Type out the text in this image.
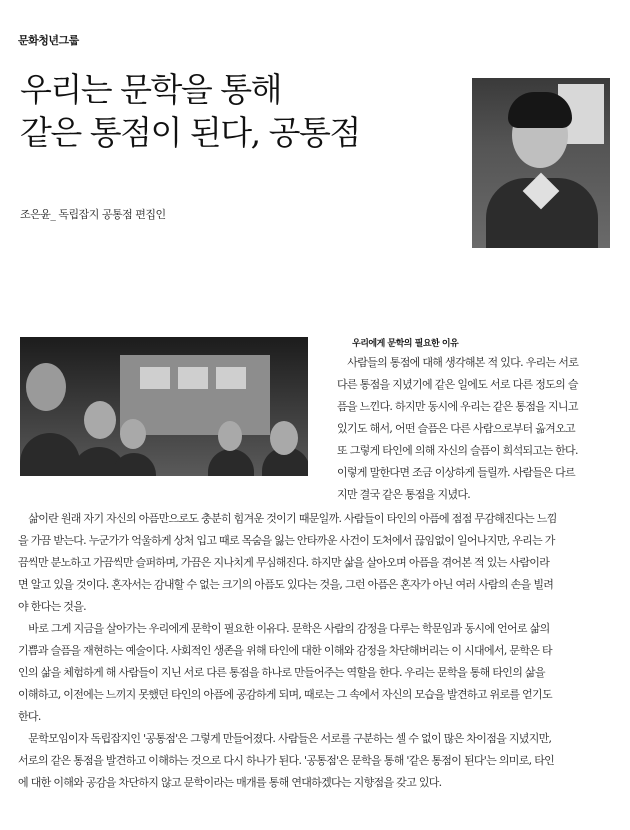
문화청년그룹
우리는 문학을 통해
같은 통점이 된다, 공통점
조은윤_ 독립잡지 공통점 편집인
우리에게 문학의 필요한 이유
　사람들의 통점에 대해 생각해본 적 있다. 우리는 서로
다른 통점을 지녔기에 같은 일에도 서로 다른 정도의 슬
픔을 느낀다. 하지만 동시에 우리는 같은 통점을 지니고
있기도 해서, 어떤 슬픔은 다른 사람으로부터 옮겨오고
또 그렇게 타인에 의해 자신의 슬픔이 희석되고는 한다.
이렇게 말한다면 조금 이상하게 들릴까. 사람들은 다르
지만 결국 같은 통점을 지녔다.
　삶이란 원래 자기 자신의 아픔만으로도 충분히 힘겨운 것이기 때문일까. 사람들이 타인의 아픔에 점점 무감해진다는 느낌
을 가끔 받는다. 누군가가 억울하게 상처 입고 때로 목숨을 잃는 안타까운 사건이 도처에서 끊임없이 일어나지만, 우리는 가
끔씩만 분노하고 가끔씩만 슬퍼하며, 가끔은 지나치게 무심해진다. 하지만 삶을 살아오며 아픔을 겪어본 적 있는 사람이라
면 알고 있을 것이다. 혼자서는 감내할 수 없는 크기의 아픔도 있다는 것을, 그런 아픔은 혼자가 아닌 여러 사람의 손을 빌려
야 한다는 것을.
　바로 그게 지금을 살아가는 우리에게 문학이 필요한 이유다. 문학은 사람의 감정을 다루는 학문임과 동시에 언어로 삶의
기쁨과 슬픔을 재현하는 예술이다. 사회적인 생존을 위해 타인에 대한 이해와 감정을 차단해버리는 이 시대에서, 문학은 타
인의 삶을 체험하게 해 사람들이 지닌 서로 다른 통점을 하나로 만들어주는 역할을 한다. 우리는 문학을 통해 타인의 삶을
이해하고, 이전에는 느끼지 못했던 타인의 아픔에 공감하게 되며, 때로는 그 속에서 자신의 모습을 발견하고 위로를 얻기도
한다.
　문학모임이자 독립잡지인 '공통점'은 그렇게 만들어졌다. 사람들은 서로를 구분하는 셀 수 없이 많은 차이점을 지녔지만,
서로의 같은 통점을 발견하고 이해하는 것으로 다시 하나가 된다. '공통점'은 문학을 통해 '같은 통점이 된다'는 의미로, 타인
에 대한 이해와 공감을 차단하지 않고 문학이라는 매개를 통해 연대하겠다는 지향점을 갖고 있다.
